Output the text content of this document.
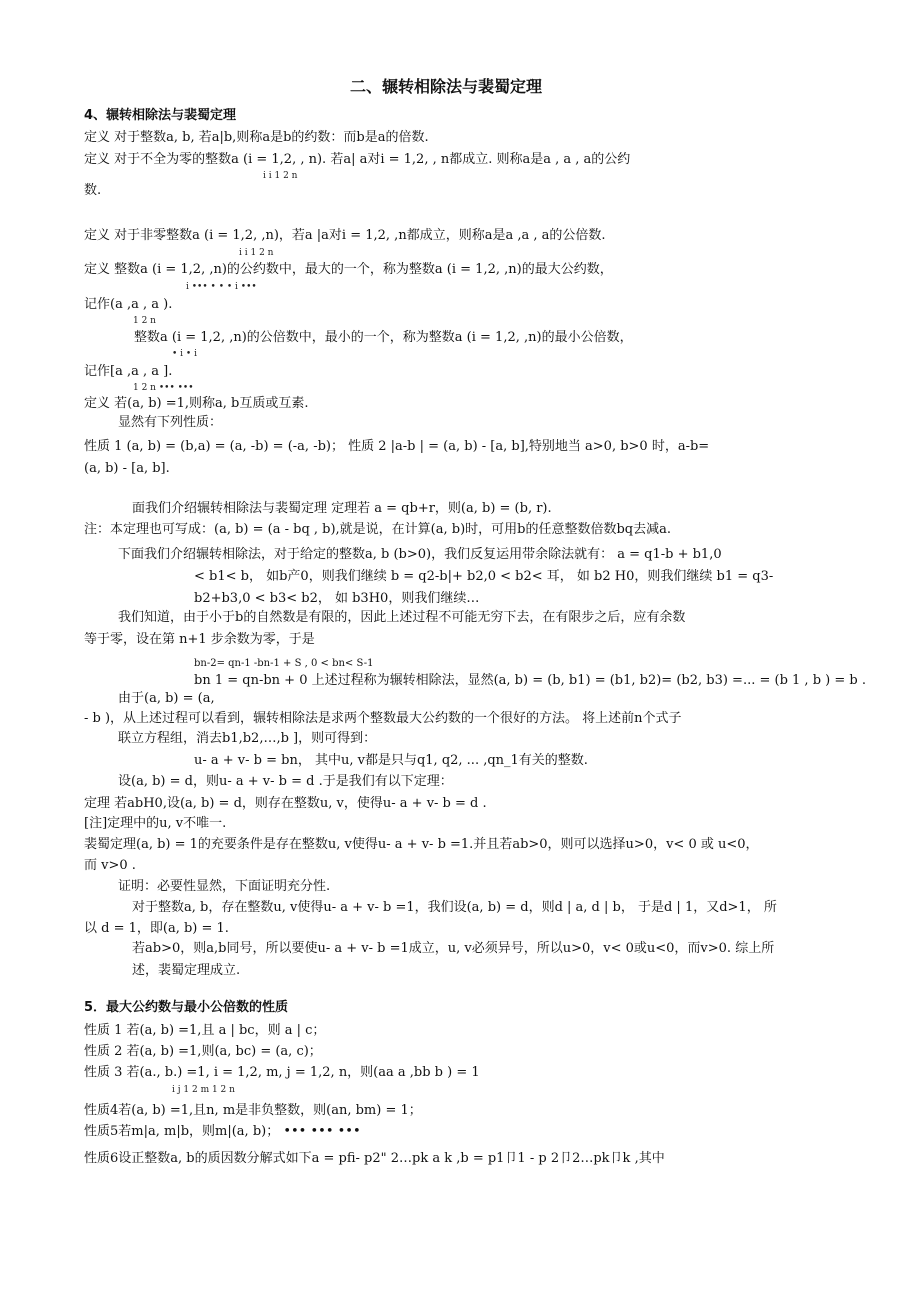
二、辗转相除法与裴蜀定理
4、辗转相除法与裴蜀定理
定义 对于整数a, b, 若a|b,则称a是b的约数：而b是a的倍数.
定义 对于不全为零的整数a (i = 1,2, , n). 若a| a对i = 1,2, , n都成立. 则称a是a , a , a的公约
i i 1 2 n
数.
定义 对于非零整数a (i = 1,2, ,n)，若a |a对i = 1,2, ,n都成立，则称a是a ,a , a的公倍数.
i i 1 2 n
定义 整数a (i = 1,2, ,n)的公约数中，最大的一个，称为整数a (i = 1,2, ,n)的最大公约数，
i ••• • • • i •••
记作(a ,a , a ).
1 2 n
整数a (i = 1,2, ,n)的公倍数中，最小的一个，称为整数a (i = 1,2, ,n)的最小公倍数，
• i • i
记作[a ,a , a ].
1 2 n ••• •••
定义 若(a, b) =1,则称a, b互质或互素.
显然有下列性质：
性质 1 (a, b) = (b,a) = (a, -b) = (-a, -b)； 性质 2 |a-b | = (a, b) - [a, b],特别地当 a>0, b>0 时，a-b=
(a, b) - [a, b].
面我们介绍辗转相除法与裴蜀定理 定理若 a = qb+r，则(a, b) = (b, r).
注：本定理也可写成：(a, b) = (a - bq , b),就是说，在计算(a, b)时，可用b的任意整数倍数bq去减a.
下面我们介绍辗转相除法，对于给定的整数a, b (b>0)，我们反复运用带余除法就有： a = q1-b + b1,0
< b1< b， 如b产0，则我们继续 b = q2-b|+ b2,0 < b2< 耳， 如 b2 H0，则我们继续 b1 = q3-
b2+b3,0 < b3< b2， 如 b3H0，则我们继续…
我们知道，由于小于b的自然数是有限的，因此上述过程不可能无穷下去，在有限步之后，应有余数
等于零，设在第 n+1 步余数为零，于是
bn-2= qn-1 -bn-1 + S , 0 < bn< S-1
bn 1 = qn-bn + 0 上述过程称为辗转相除法，显然(a, b) = (b, b1) = (b1, b2)= (b2, b3) =... = (b 1 , b ) = b .
由于(a, b) = (a,
- b )，从上述过程可以看到，辗转相除法是求两个整数最大公约数的一个很好的方法。 将上述前n个式子
联立方程组，消去b1,b2,…,b ]，则可得到：
u- a + v- b = bn， 其中u, v都是只与q1, q2, ... ,qn_1有关的整数.
设(a, b) = d，则u- a + v- b = d .于是我们有以下定理：
定理 若abH0,设(a, b) = d，则存在整数u, v，使得u- a + v- b = d .
[注]定理中的u, v不唯一.
裴蜀定理(a, b) = 1的充要条件是存在整数u, v使得u- a + v- b =1.并且若ab>0，则可以选择u>0，v< 0 或 u<0，
而 v>0 .
证明：必要性显然，下面证明充分性.
对于整数a, b，存在整数u, v使得u- a + v- b =1，我们设(a, b) = d，则d | a, d | b， 于是d | 1，又d>1， 所
以 d = 1，即(a, b) = 1.
若ab>0，则a,b同号，所以要使u- a + v- b =1成立，u, v必须异号，所以u>0，v< 0或u<0，而v>0. 综上所
述，裴蜀定理成立.
5．最大公约数与最小公倍数的性质
性质 1 若(a, b) =1,且 a | bc，则 a | c；
性质 2 若(a, b) =1,则(a, bc) = (a, c)；
性质 3 若(a., b.) =1, i = 1,2, m, j = 1,2, n，则(aa a ,bb b ) = 1
i j 1 2 m 1 2 n
性质4若(a, b) =1,且n, m是非负整数，则(an, bm) = 1；
性质5若m|a, m|b，则m|(a, b)； ••• ••• •••
性质6设正整数a, b的质因数分解式如下a = pfi- p2" 2…pk a k ,b = p1卩1 - p 2卩2…pk卩k ,其中
